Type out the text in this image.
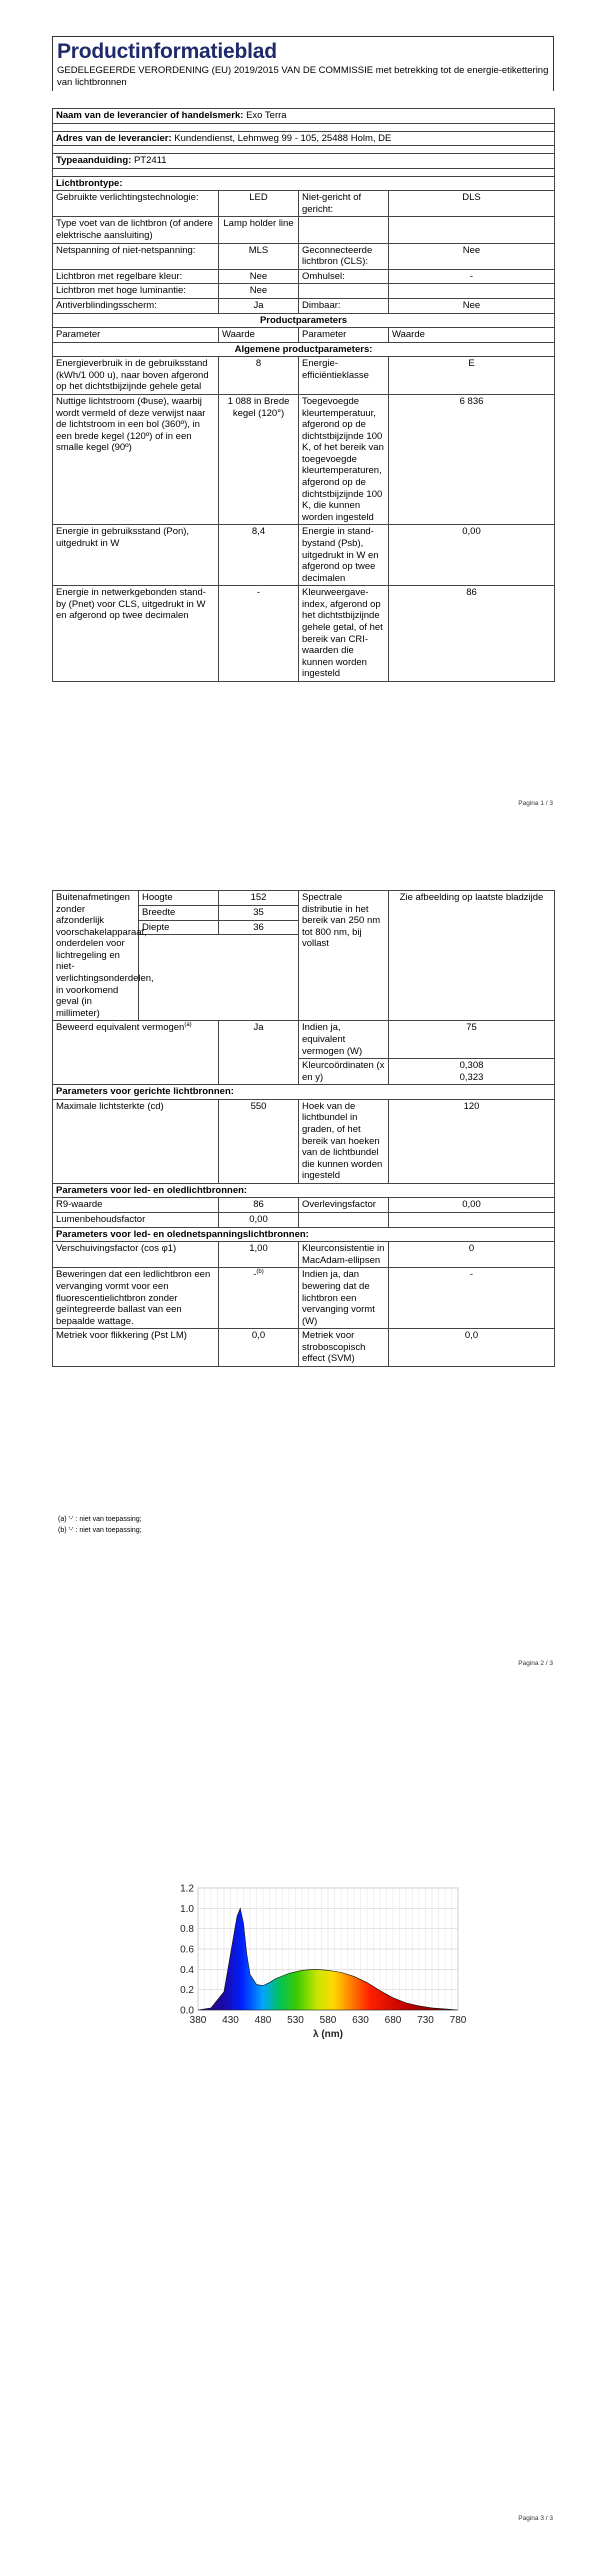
Productinformatieblad
GEDELEGEERDE VERORDENING (EU) 2019/2015 VAN DE COMMISSIE met betrekking tot de energie-etikettering van lichtbronnen
Naam van de leverancier of handelsmerk: Exo Terra			

Adres van de leverancier: Kundendienst, Lehmweg 99 - 105, 25488 Holm, DE			

Typeaanduiding: PT2411			

Lichtbrontype:			
Gebruikte verlichtingstechnologie:	LED	Niet-gericht of gericht:	DLS
Type voet van de lichtbron (of andere elektrische aansluiting)	Lamp holder line		
Netspanning of niet-netspanning:	MLS	Geconnecteerde lichtbron (CLS):	Nee
Lichtbron met regelbare kleur:	Nee	Omhulsel:	-
Lichtbron met hoge luminantie:	Nee		
Antiverblindingsscherm:	Ja	Dimbaar:	Nee
Productparameters			
Parameter	Waarde	Parameter	Waarde
Algemene productparameters:			
Energieverbruik in de gebruiksstand (kWh/1 000 u), naar boven afgerond op het dichtstbijzijnde gehele getal	8	Energie-efficiëntieklasse	E
Nuttige lichtstroom (Φuse), waarbij wordt vermeld of deze verwijst naar de lichtstroom in een bol (360º), in een brede kegel (120º) of in een smalle kegel (90º)	1 088 in Brede kegel (120°)	Toegevoegde kleurtemperatuur, afgerond op de dichtstbijzijnde 100 K, of het bereik van toegevoegde kleurtemperaturen, afgerond op de dichtstbijzijnde 100 K, die kunnen worden ingesteld	6 836
Energie in gebruiksstand (Pon), uitgedrukt in W	8,4	Energie in stand-bystand (Psb), uitgedrukt in W en afgerond op twee decimalen	0,00
Energie in netwerkgebonden stand-by (Pnet) voor CLS, uitgedrukt in W en afgerond op twee decimalen	-	Kleurweergave-index, afgerond op het dichtstbijzijnde gehele getal, of het bereik van CRI-waarden die kunnen worden ingesteld	86
Pagina 1 / 3
Buitenafmetingen zonder afzonderlijk voorschakelapparaat, onderdelen voor lichtregeling en niet-verlichtingsonderdelen, in voorkomend geval (in millimeter)	Hoogte	152	Spectrale distributie in het bereik van 250 nm tot 800 nm, bij vollast	Zie afbeelding op laatste bladzijde
	Breedte	35		
	Diepte	36		

Beweerd equivalent vermogen$^{(a)}$		Ja	Indien ja, equivalent vermogen (W)	75
			Kleurcoördinaten (x en y)	0,308
0,323

Parameters voor gerichte lichtbronnen:				
Maximale lichtsterkte (cd)		550	Hoek van de lichtbundel in graden, of het bereik van hoeken van de lichtbundel die kunnen worden ingesteld	120
Parameters voor led- en oledlichtbronnen:				
R9-waarde		86	Overlevingsfactor	0,00
Lumenbehoudsfactor		0,00		
Parameters voor led- en olednetspanningslichtbronnen:				
Verschuivingsfactor (cos φ1)		1,00	Kleurconsistentie in MacAdam-ellipsen	0
Beweringen dat een ledlichtbron een vervanging vormt voor een fluorescentielichtbron zonder geïntegreerde ballast van een bepaalde wattage.		-$^{(b)}$	Indien ja, dan bewering dat de lichtbron een vervanging vormt (W)	-
Metriek voor flikkering (Pst LM)		0,0	Metriek voor stroboscopisch effect (SVM)	0,0
(a) '-' : niet van toepassing;
(b) '-' : niet van toepassing;
Pagina 2 / 3
0.0
0.2
0.4
0.6
0.8
1.0
1.2
380 430 480 530 580 630 680 730 780
λ (nm)
Pagina 3 / 3
